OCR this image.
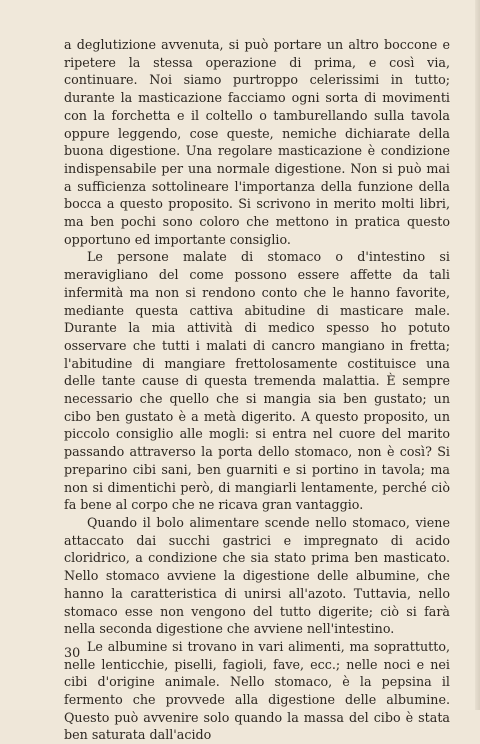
a deglutizione avvenuta, si può portare un altro boccone e ripetere la stessa operazione di prima, e così via, continuare. Noi siamo purtroppo celerissimi in tutto; durante la masticazione facciamo ogni sorta di movimenti con la forchetta e il coltello o tamburellando sulla tavola oppure leggendo, cose queste, nemiche dichiarate della buona digestione. Una regolare masticazione è condizione indispensabile per una normale digestione. Non si può mai a sufficienza sottolineare l'importanza della funzione della bocca a questo proposito. Si scrivono in merito molti libri, ma ben pochi sono coloro che mettono in pratica questo opportuno ed importante consiglio.

Le persone malate di stomaco o d'intestino si meravigliano del come possono essere affette da tali infermità ma non si rendono conto che le hanno favorite, mediante questa cattiva abitudine di masticare male. Durante la mia attività di medico spesso ho potuto osservare che tutti i malati di cancro mangiano in fretta; l'abitudine di mangiare frettolosamente costituisce una delle tante cause di questa tremenda malattia. È sempre necessario che quello che si mangia sia ben gustato; un cibo ben gustato è a metà digerito. A questo proposito, un piccolo consiglio alle mogli: si entra nel cuore del marito passando attraverso la porta dello stomaco, non è così? Si preparino cibi sani, ben guarniti e si portino in tavola; ma non si dimentichi però, di mangiarli lentamente, perché ciò fa bene al corpo che ne ricava gran vantaggio.

Quando il bolo alimentare scende nello stomaco, viene attaccato dai succhi gastrici e impregnato di acido cloridrico, a condizione che sia stato prima ben masticato. Nello stomaco avviene la digestione delle albumine, che hanno la caratteristica di unirsi all'azoto. Tuttavia, nello stomaco esse non vengono del tutto digerite; ciò si farà nella seconda digestione che avviene nell'intestino.

Le albumine si trovano in vari alimenti, ma soprattutto, nelle lenticchie, piselli, fagioli, fave, ecc.; nelle noci e nei cibi d'origine animale. Nello stomaco, è la pepsina il fermento che provvede alla digestione delle albumine. Questo può avvenire solo quando la massa del cibo è stata ben saturata dall'acido

30
